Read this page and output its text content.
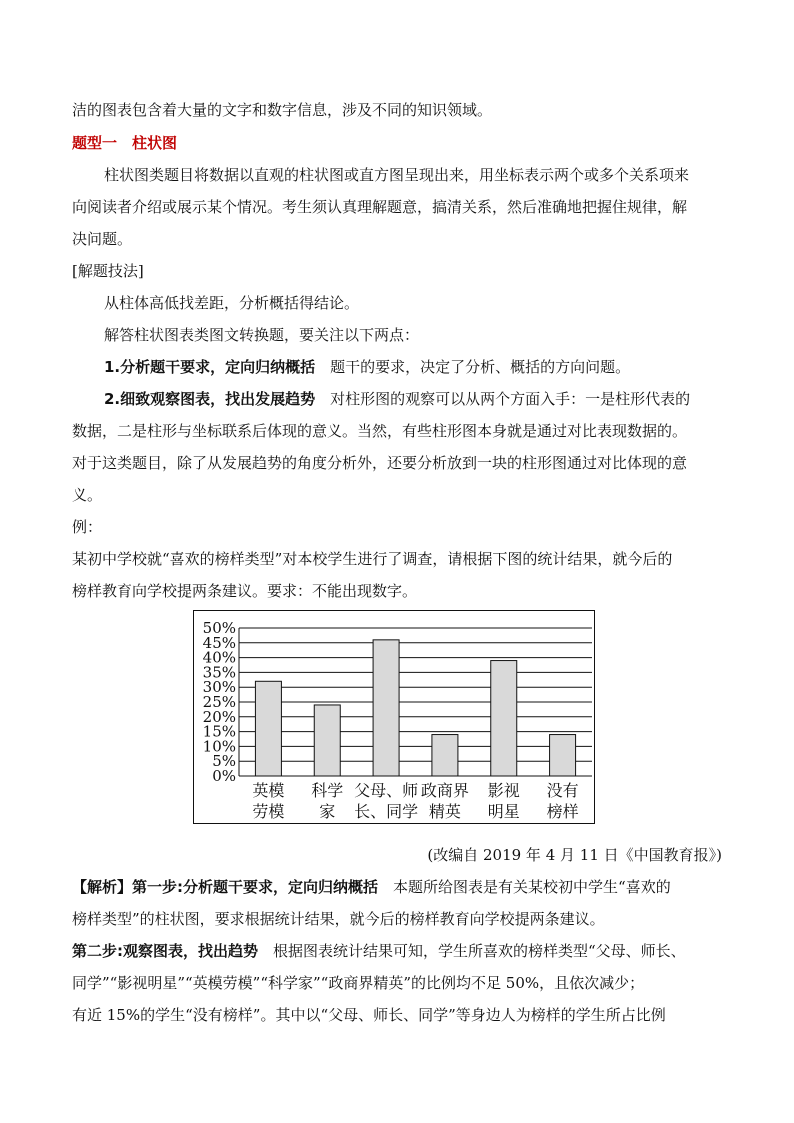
洁的图表包含着大量的文字和数字信息，涉及不同的知识领域。
题型一　柱状图
柱状图类题目将数据以直观的柱状图或直方图呈现出来，用坐标表示两个或多个关系项来
向阅读者介绍或展示某个情况。考生须认真理解题意，搞清关系，然后准确地把握住规律，解
决问题。
[解题技法]
从柱体高低找差距，分析概括得结论。
解答柱状图表类图文转换题，要关注以下两点：
1.分析题干要求，定向归纳概括　题干的要求，决定了分析、概括的方向问题。
2.细致观察图表，找出发展趋势　对柱形图的观察可以从两个方面入手：一是柱形代表的
数据，二是柱形与坐标联系后体现的意义。当然，有些柱形图本身就是通过对比表现数据的。
对于这类题目，除了从发展趋势的角度分析外，还要分析放到一块的柱形图通过对比体现的意
义。
例：
某初中学校就“喜欢的榜样类型”对本校学生进行了调查，请根据下图的统计结果，就今后的
榜样教育向学校提两条建议。要求：不能出现数字。
0%
5%
10%
15%
20%
25%
30%
35%
40%
45%
50%
英模
劳模
科学
家
父母、师
长、同学
政商界
精英
影视
明星
没有
榜样
(改编自 2019 年 4 月 11 日《中国教育报》)
【解析】第一步:分析题干要求，定向归纳概括　本题所给图表是有关某校初中学生“喜欢的
榜样类型”的柱状图，要求根据统计结果，就今后的榜样教育向学校提两条建议。
第二步:观察图表，找出趋势　根据图表统计结果可知，学生所喜欢的榜样类型“父母、师长、
同学”“影视明星”“英模劳模”“科学家”“政商界精英”的比例均不足 50%，且依次减少；
有近 15%的学生“没有榜样”。其中以“父母、师长、同学”等身边人为榜样的学生所占比例
